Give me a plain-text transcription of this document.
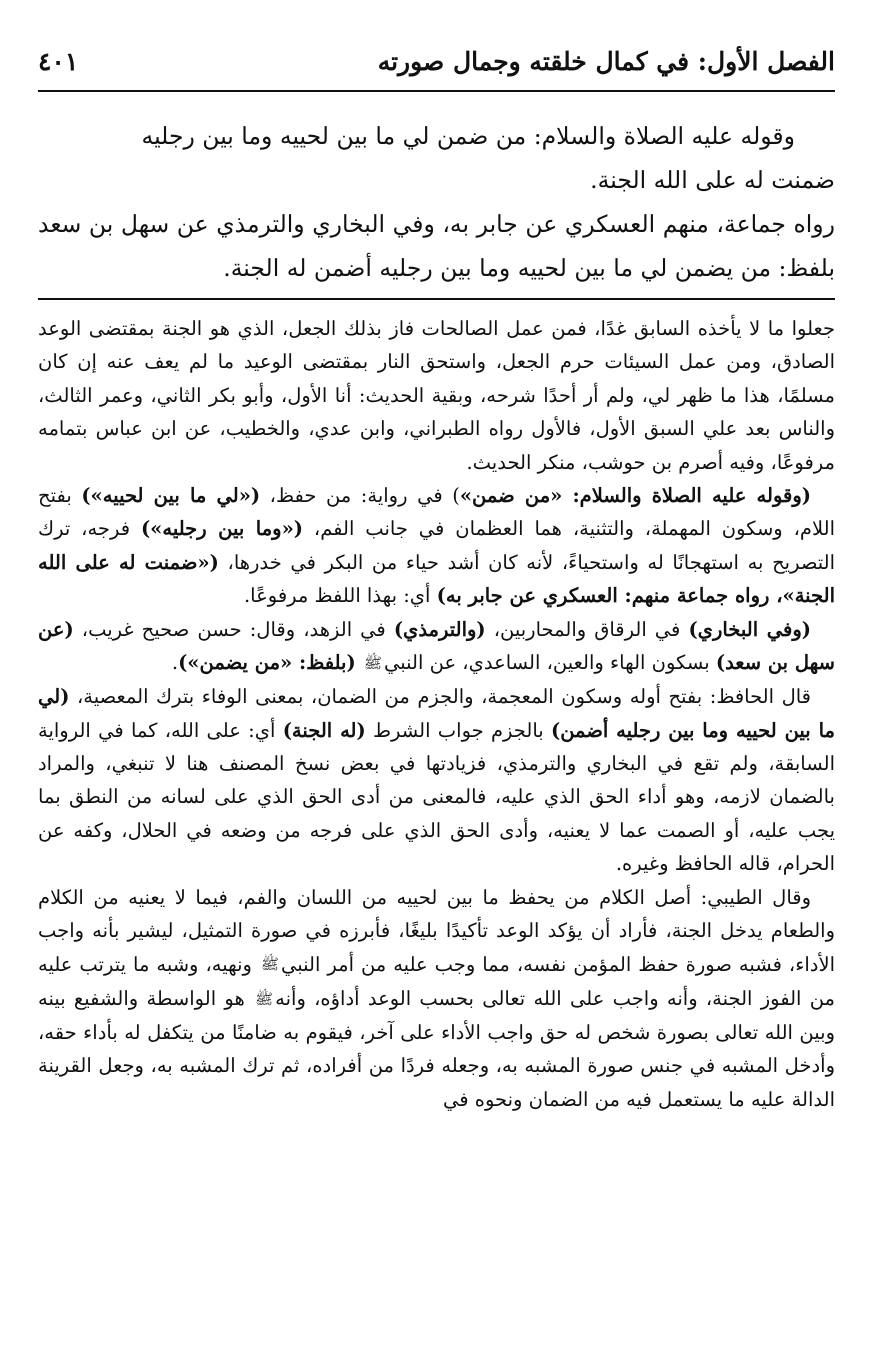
الفصل الأول: في كمال خلقته وجمال صورته
٤٠١

وقوله عليه الصلاة والسلام: من ضمن لي ما بين لحييه وما بين رجليه
ضمنت له على الله الجنة.

رواه جماعة، منهم العسكري عن جابر به، وفي البخاري والترمذي عن سهل بن سعد بلفظ: من يضمن لي ما بين لحييه وما بين رجليه أضمن له الجنة.

جعلوا ما لا يأخذه السابق غدًا، فمن عمل الصالحات فاز بذلك الجعل، الذي هو الجنة بمقتضى الوعد الصادق، ومن عمل السيئات حرم الجعل، واستحق النار بمقتضى الوعيد ما لم يعف عنه إن كان مسلمًا، هذا ما ظهر لي، ولم أر أحدًا شرحه، وبقية الحديث: أنا الأول، وأبو بكر الثاني، وعمر الثالث، والناس بعد علي السبق الأول، فالأول رواه الطبراني، وابن عدي، والخطيب، عن ابن عباس بتمامه مرفوعًا، وفيه أصرم بن حوشب، منكر الحديث.

(وقوله عليه الصلاة والسلام: «من ضمن») في رواية: من حفظ، («لي ما بين لحييه») بفتح اللام، وسكون المهملة، والتثنية، هما العظمان في جانب الفم، («وما بين رجليه») فرجه، ترك التصريح به استهجانًا له واستحياءً، لأنه كان أشد حياء من البكر في خدرها، («ضمنت له على الله الجنة»، رواه جماعة منهم: العسكري عن جابر به) أي: بهذا اللفظ مرفوعًا.

(وفي البخاري) في الرقاق والمحاربين، (والترمذي) في الزهد، وقال: حسن صحيح غريب، (عن سهل بن سعد) بسكون الهاء والعين، الساعدي، عن النبيﷺ (بلفظ: «من يضمن»).

قال الحافظ: بفتح أوله وسكون المعجمة، والجزم من الضمان، بمعنى الوفاء بترك المعصية، (لي ما بين لحييه وما بين رجليه أضمن) بالجزم جواب الشرط (له الجنة) أي: على الله، كما في الرواية السابقة، ولم تقع في البخاري والترمذي، فزيادتها في بعض نسخ المصنف هنا لا تنبغي، والمراد بالضمان لازمه، وهو أداء الحق الذي عليه، فالمعنى من أدى الحق الذي على لسانه من النطق بما يجب عليه، أو الصمت عما لا يعنيه، وأدى الحق الذي على فرجه من وضعه في الحلال، وكفه عن الحرام، قاله الحافظ وغيره.

وقال الطيبي: أصل الكلام من يحفظ ما بين لحييه من اللسان والفم، فيما لا يعنيه من الكلام والطعام يدخل الجنة، فأراد أن يؤكد الوعد تأكيدًا بليغًا، فأبرزه في صورة التمثيل، ليشير بأنه واجب الأداء، فشبه صورة حفظ المؤمن نفسه، مما وجب عليه من أمر النبيﷺ ونهيه، وشبه ما يترتب عليه من الفوز الجنة، وأنه واجب على الله تعالى بحسب الوعد أداؤه، وأنهﷺ هو الواسطة والشفيع بينه وبين الله تعالى بصورة شخص له حق واجب الأداء على آخر، فيقوم به ضامنًا من يتكفل له بأداء حقه، وأدخل المشبه في جنس صورة المشبه به، وجعله فردًا من أفراده، ثم ترك المشبه به، وجعل القرينة الدالة عليه ما يستعمل فيه من الضمان ونحوه في
